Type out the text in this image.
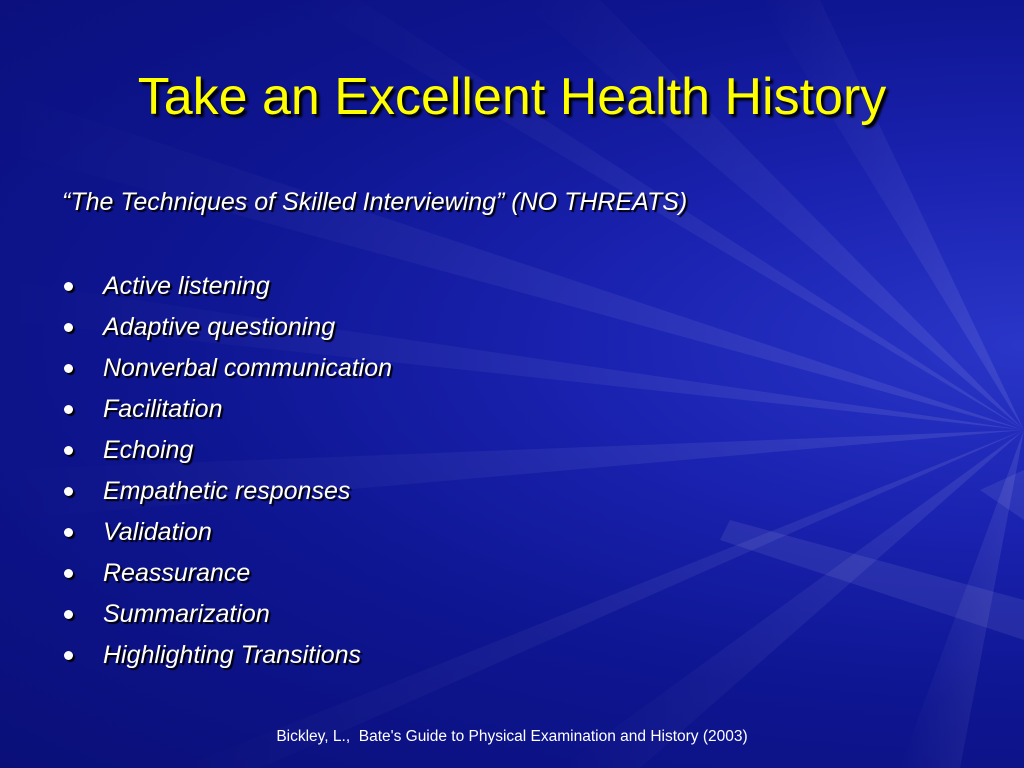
Take an Excellent Health History
“The Techniques of Skilled Interviewing” (NO THREATS)
Active listening
Adaptive questioning
Nonverbal communication
Facilitation
Echoing
Empathetic responses
Validation
Reassurance
Summarization
Highlighting Transitions
Bickley, L.,  Bate's Guide to Physical Examination and History (2003)
